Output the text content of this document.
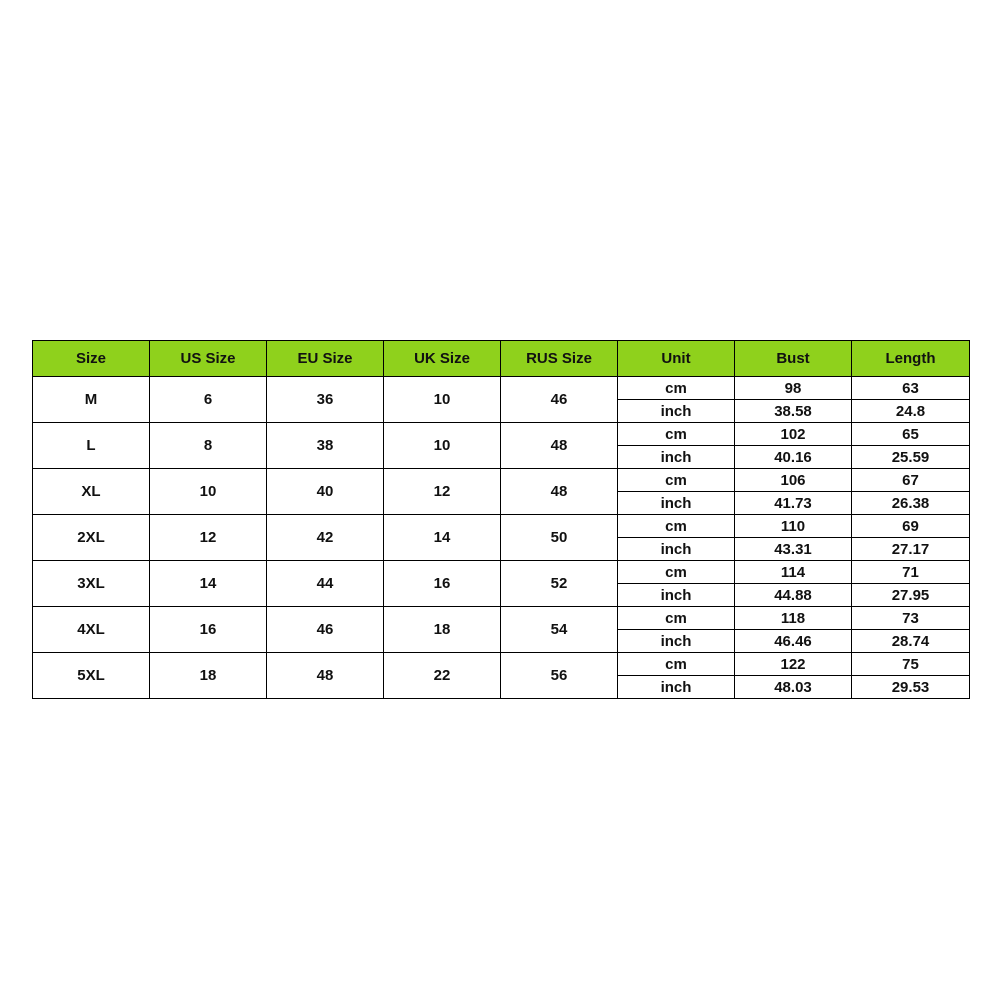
Size	US Size	EU Size	UK Size	RUS Size	Unit	Bust	Length
M	6	36	10	46	cm	98	63
					inch	38.58	24.8
L	8	38	10	48	cm	102	65
					inch	40.16	25.59
XL	10	40	12	48	cm	106	67
					inch	41.73	26.38
2XL	12	42	14	50	cm	110	69
					inch	43.31	27.17
3XL	14	44	16	52	cm	114	71
					inch	44.88	27.95
4XL	16	46	18	54	cm	118	73
					inch	46.46	28.74
5XL	18	48	22	56	cm	122	75
					inch	48.03	29.53
